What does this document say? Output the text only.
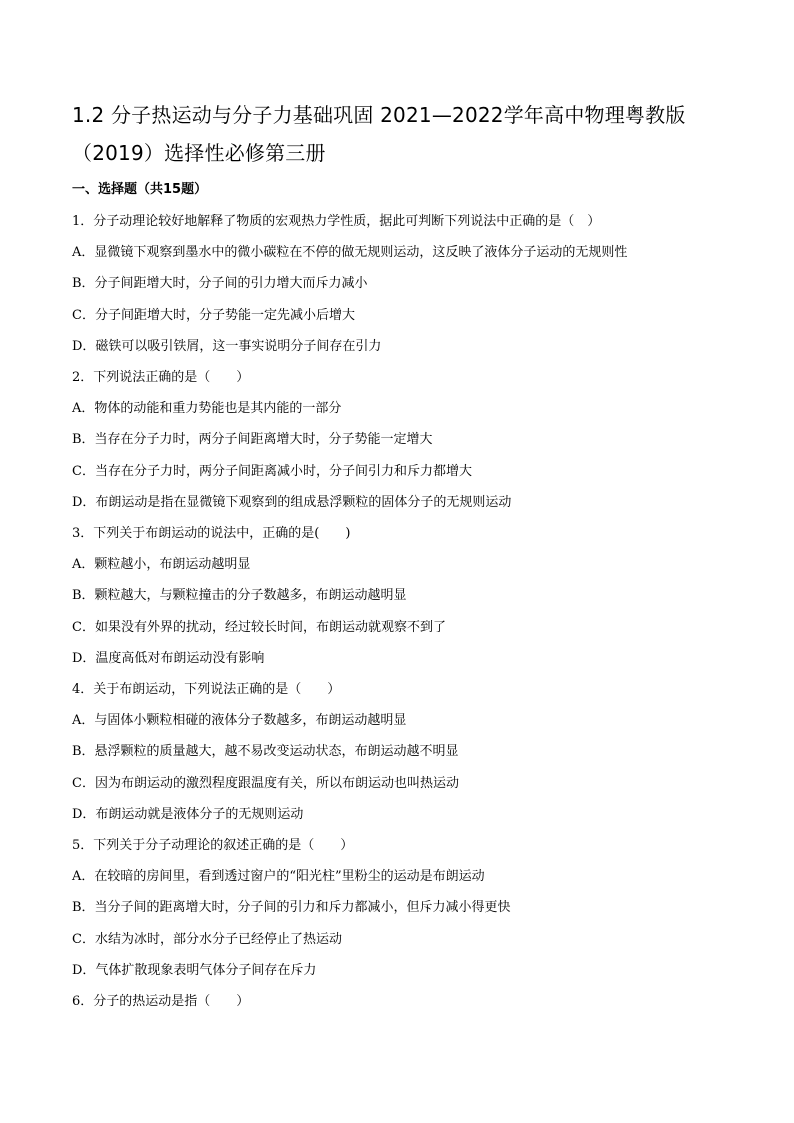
1.2 分子热运动与分子力基础巩固 2021—2022学年高中物理粤教版
（2019）选择性必修第三册
一、选择题（共15题）
1．分子动理论较好地解释了物质的宏观热力学性质，据此可判断下列说法中正确的是（　）
A．显微镜下观察到墨水中的微小碳粒在不停的做无规则运动，这反映了液体分子运动的无规则性
B．分子间距增大时，分子间的引力增大而斥力减小
C．分子间距增大时，分子势能一定先减小后增大
D．磁铁可以吸引铁屑，这一事实说明分子间存在引力
2．下列说法正确的是（　　）
A．物体的动能和重力势能也是其内能的一部分
B．当存在分子力时，两分子间距离增大时，分子势能一定增大
C．当存在分子力时，两分子间距离减小时，分子间引力和斥力都增大
D．布朗运动是指在显微镜下观察到的组成悬浮颗粒的固体分子的无规则运动
3．下列关于布朗运动的说法中，正确的是(　　)
A．颗粒越小，布朗运动越明显
B．颗粒越大，与颗粒撞击的分子数越多，布朗运动越明显
C．如果没有外界的扰动，经过较长时间，布朗运动就观察不到了
D．温度高低对布朗运动没有影响
4．关于布朗运动，下列说法正确的是（　　）
A．与固体小颗粒相碰的液体分子数越多，布朗运动越明显
B．悬浮颗粒的质量越大，越不易改变运动状态，布朗运动越不明显
C．因为布朗运动的激烈程度跟温度有关，所以布朗运动也叫热运动
D．布朗运动就是液体分子的无规则运动
5．下列关于分子动理论的叙述正确的是（　　）
A．在较暗的房间里，看到透过窗户的“阳光柱”里粉尘的运动是布朗运动
B．当分子间的距离增大时，分子间的引力和斥力都减小，但斥力减小得更快
C．水结为冰时，部分水分子已经停止了热运动
D．气体扩散现象表明气体分子间存在斥力
6．分子的热运动是指（　　）
